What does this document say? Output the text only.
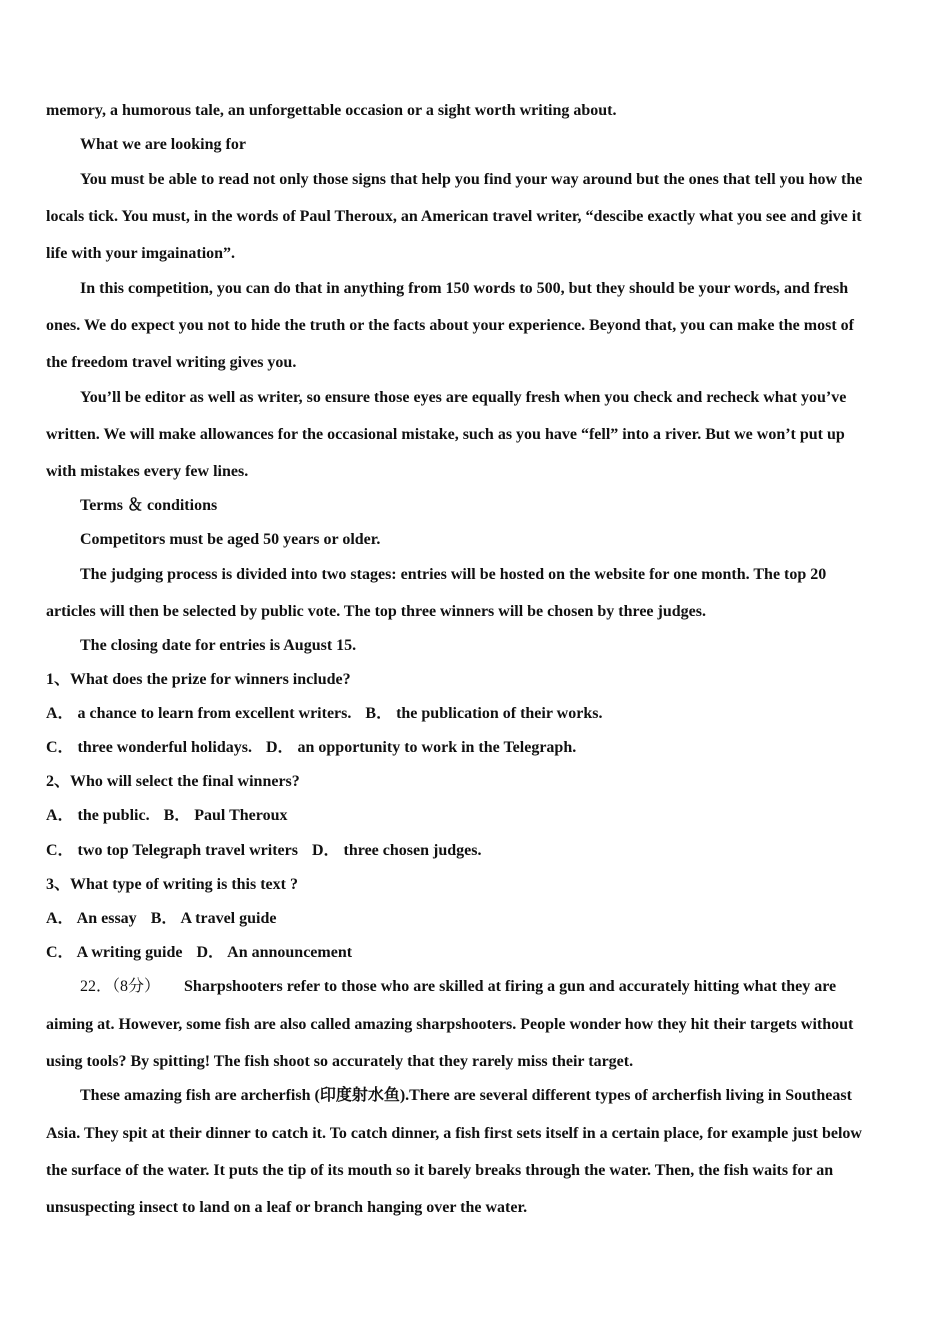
memory, a humorous tale, an unforgettable occasion or a sight worth writing about.
What we are looking for
You must be able to read not only those signs that help you find your way around but the ones that tell you how the
locals tick. You must, in the words of Paul Theroux, an American travel writer, “descibe exactly what you see and give it
life with your imgaination”.
In this competition, you can do that in anything from 150 words to 500, but they should be your words, and fresh
ones. We do expect you not to hide the truth or the facts about your experience. Beyond that, you can make the most of
the freedom travel writing gives you.
You’ll be editor as well as writer, so ensure those eyes are equally fresh when you check and recheck what you’ve
written. We will make allowances for the occasional mistake, such as you have “fell” into a river. But we won’t put up
with mistakes every few lines.
Terms ＆ conditions
Competitors must be aged 50 years or older.
The judging process is divided into two stages: entries will be hosted on the website for one month. The top 20
articles will then be selected by public vote. The top three winners will be chosen by three judges.
The closing date for entries is August 15.
1、What does the prize for winners include?
A． a chance to learn from excellent writers. B． the publication of their works.
C． three wonderful holidays. D． an opportunity to work in the Telegraph.
2、Who will select the final winners?
A． the public. B． Paul Theroux
C． two top Telegraph travel writers D． three chosen judges.
3、What type of writing is this text ?
A． An essay B． A travel guide
C． A writing guide D． An announcement
22．（8分） Sharpshooters refer to those who are skilled at firing a gun and accurately hitting what they are
aiming at. However, some fish are also called amazing sharpshooters. People wonder how they hit their targets without
using tools? By spitting! The fish shoot so accurately that they rarely miss their target.
These amazing fish are archerfish (印度射水鱼).There are several different types of archerfish living in Southeast
Asia. They spit at their dinner to catch it. To catch dinner, a fish first sets itself in a certain place, for example just below
the surface of the water. It puts the tip of its mouth so it barely breaks through the water. Then, the fish waits for an
unsuspecting insect to land on a leaf or branch hanging over the water.
